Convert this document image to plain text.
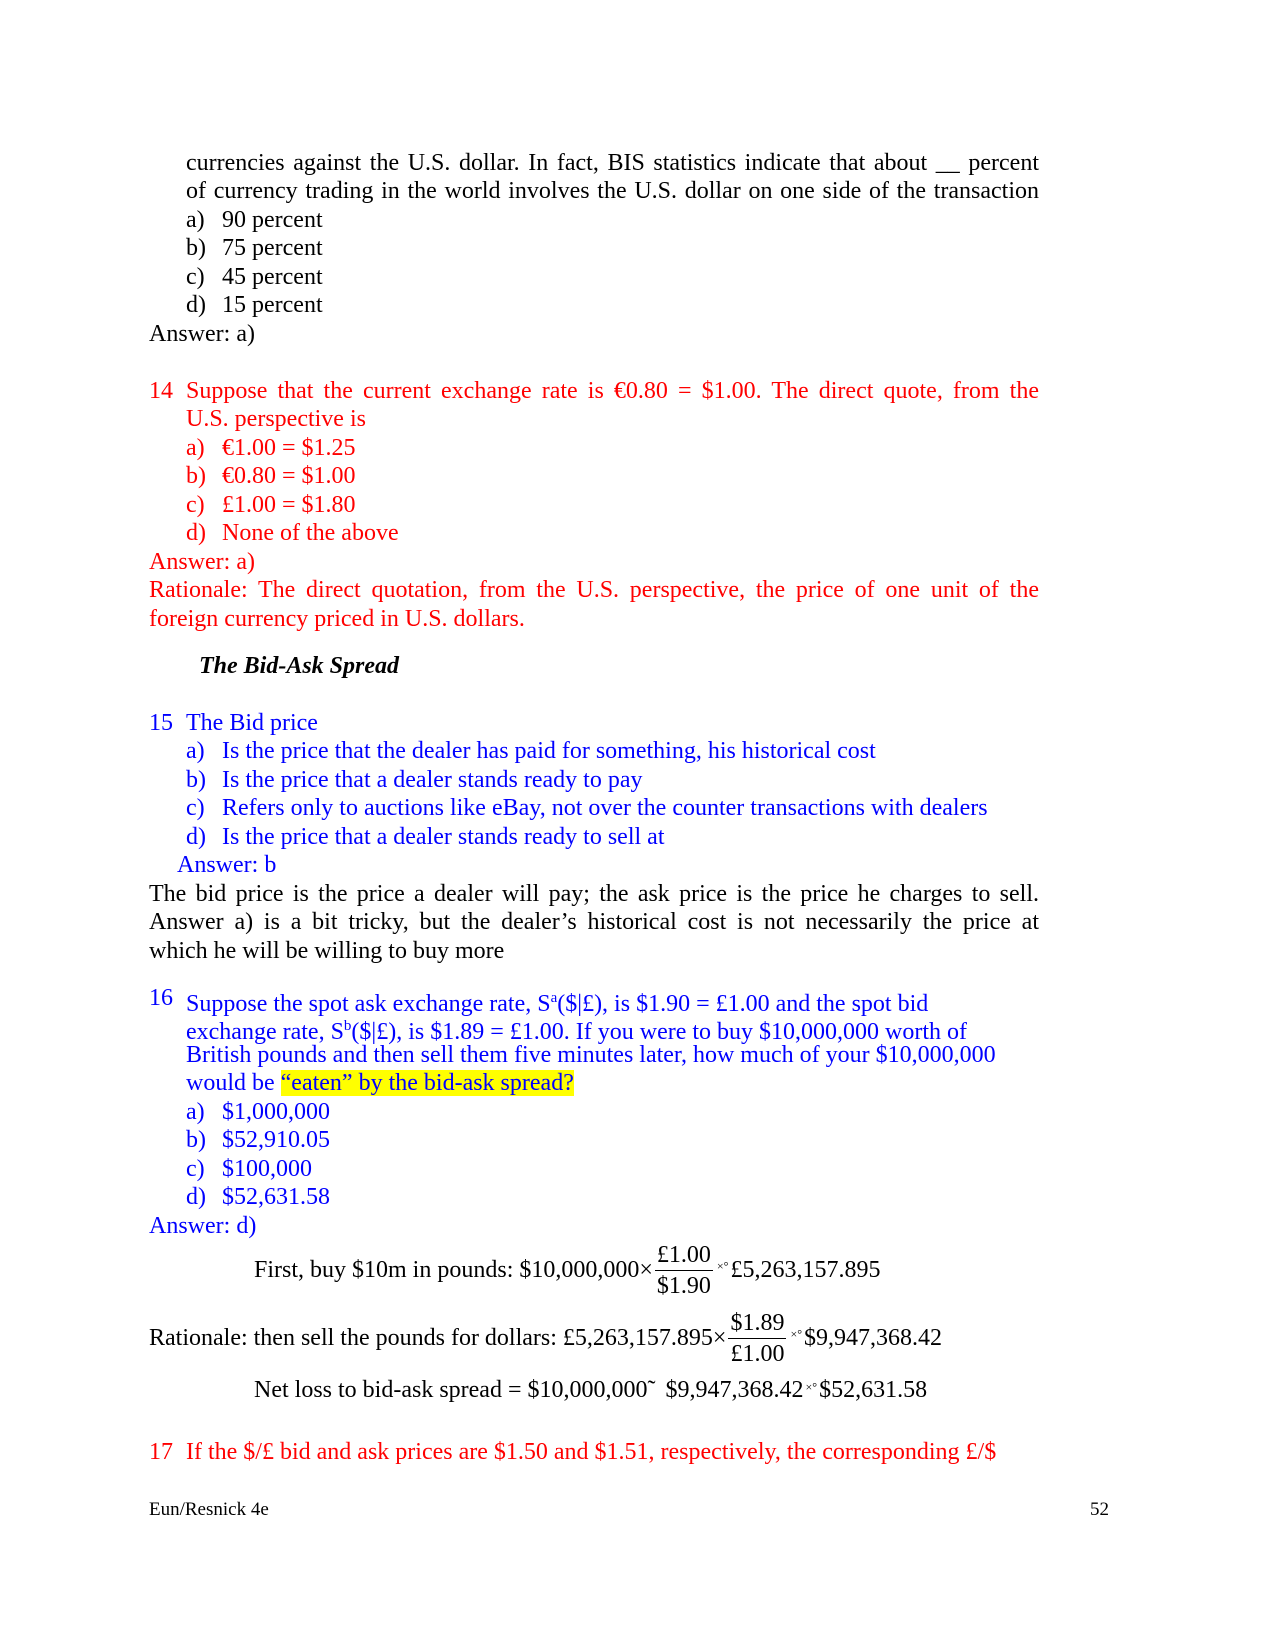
currencies against the U.S. dollar. In fact, BIS statistics indicate that about __ percent
of currency trading in the world involves the U.S. dollar on one side of the transaction
a) 90 percent
b) 75 percent
c) 45 percent
d) 15 percent
Answer: a)
14 Suppose that the current exchange rate is €0.80 = $1.00. The direct quote, from the
U.S. perspective is
a) €1.00 = $1.25
b) €0.80 = $1.00
c) £1.00 = $1.80
d) None of the above
Answer: a)
Rationale: The direct quotation, from the U.S. perspective, the price of one unit of the
foreign currency priced in U.S. dollars.
The Bid-Ask Spread
15 The Bid price
a) Is the price that the dealer has paid for something, his historical cost
b) Is the price that a dealer stands ready to pay
c) Refers only to auctions like eBay, not over the counter transactions with dealers
d) Is the price that a dealer stands ready to sell at
Answer: b
The bid price is the price a dealer will pay; the ask price is the price he charges to sell.
Answer a) is a bit tricky, but the dealer’s historical cost is not necessarily the price at
which he will be willing to buy more
16 Suppose the spot ask exchange rate, $S^a(\$|£)$, is $1.90 = £1.00 and the spot bid
exchange rate, $S^b(\$|£)$, is $1.89 = £1.00. If you were to buy $10,000,000 worth of
British pounds and then sell them five minutes later, how much of your $10,000,000
would be “eaten” by the bid-ask spread?
a) $1,000,000
b) $52,910.05
c) $100,000
d) $52,631.58
Answer: d)
First, buy $10m in pounds: $10,000,000× $\frac{£1.00}{\$1.90}$ ×°£5,263,157.895
Rationale: then sell the pounds for dollars: £5,263,157.895× $\frac{\$1.89}{£1.00}$ ×°$9,947,368.42
Net loss to bid-ask spread = $10,000,000̃   $9,947,368.42 ×°$52,631.58
17 If the $/£ bid and ask prices are $1.50 and $1.51, respectively, the corresponding £/$
Eun/Resnick 4e	52
